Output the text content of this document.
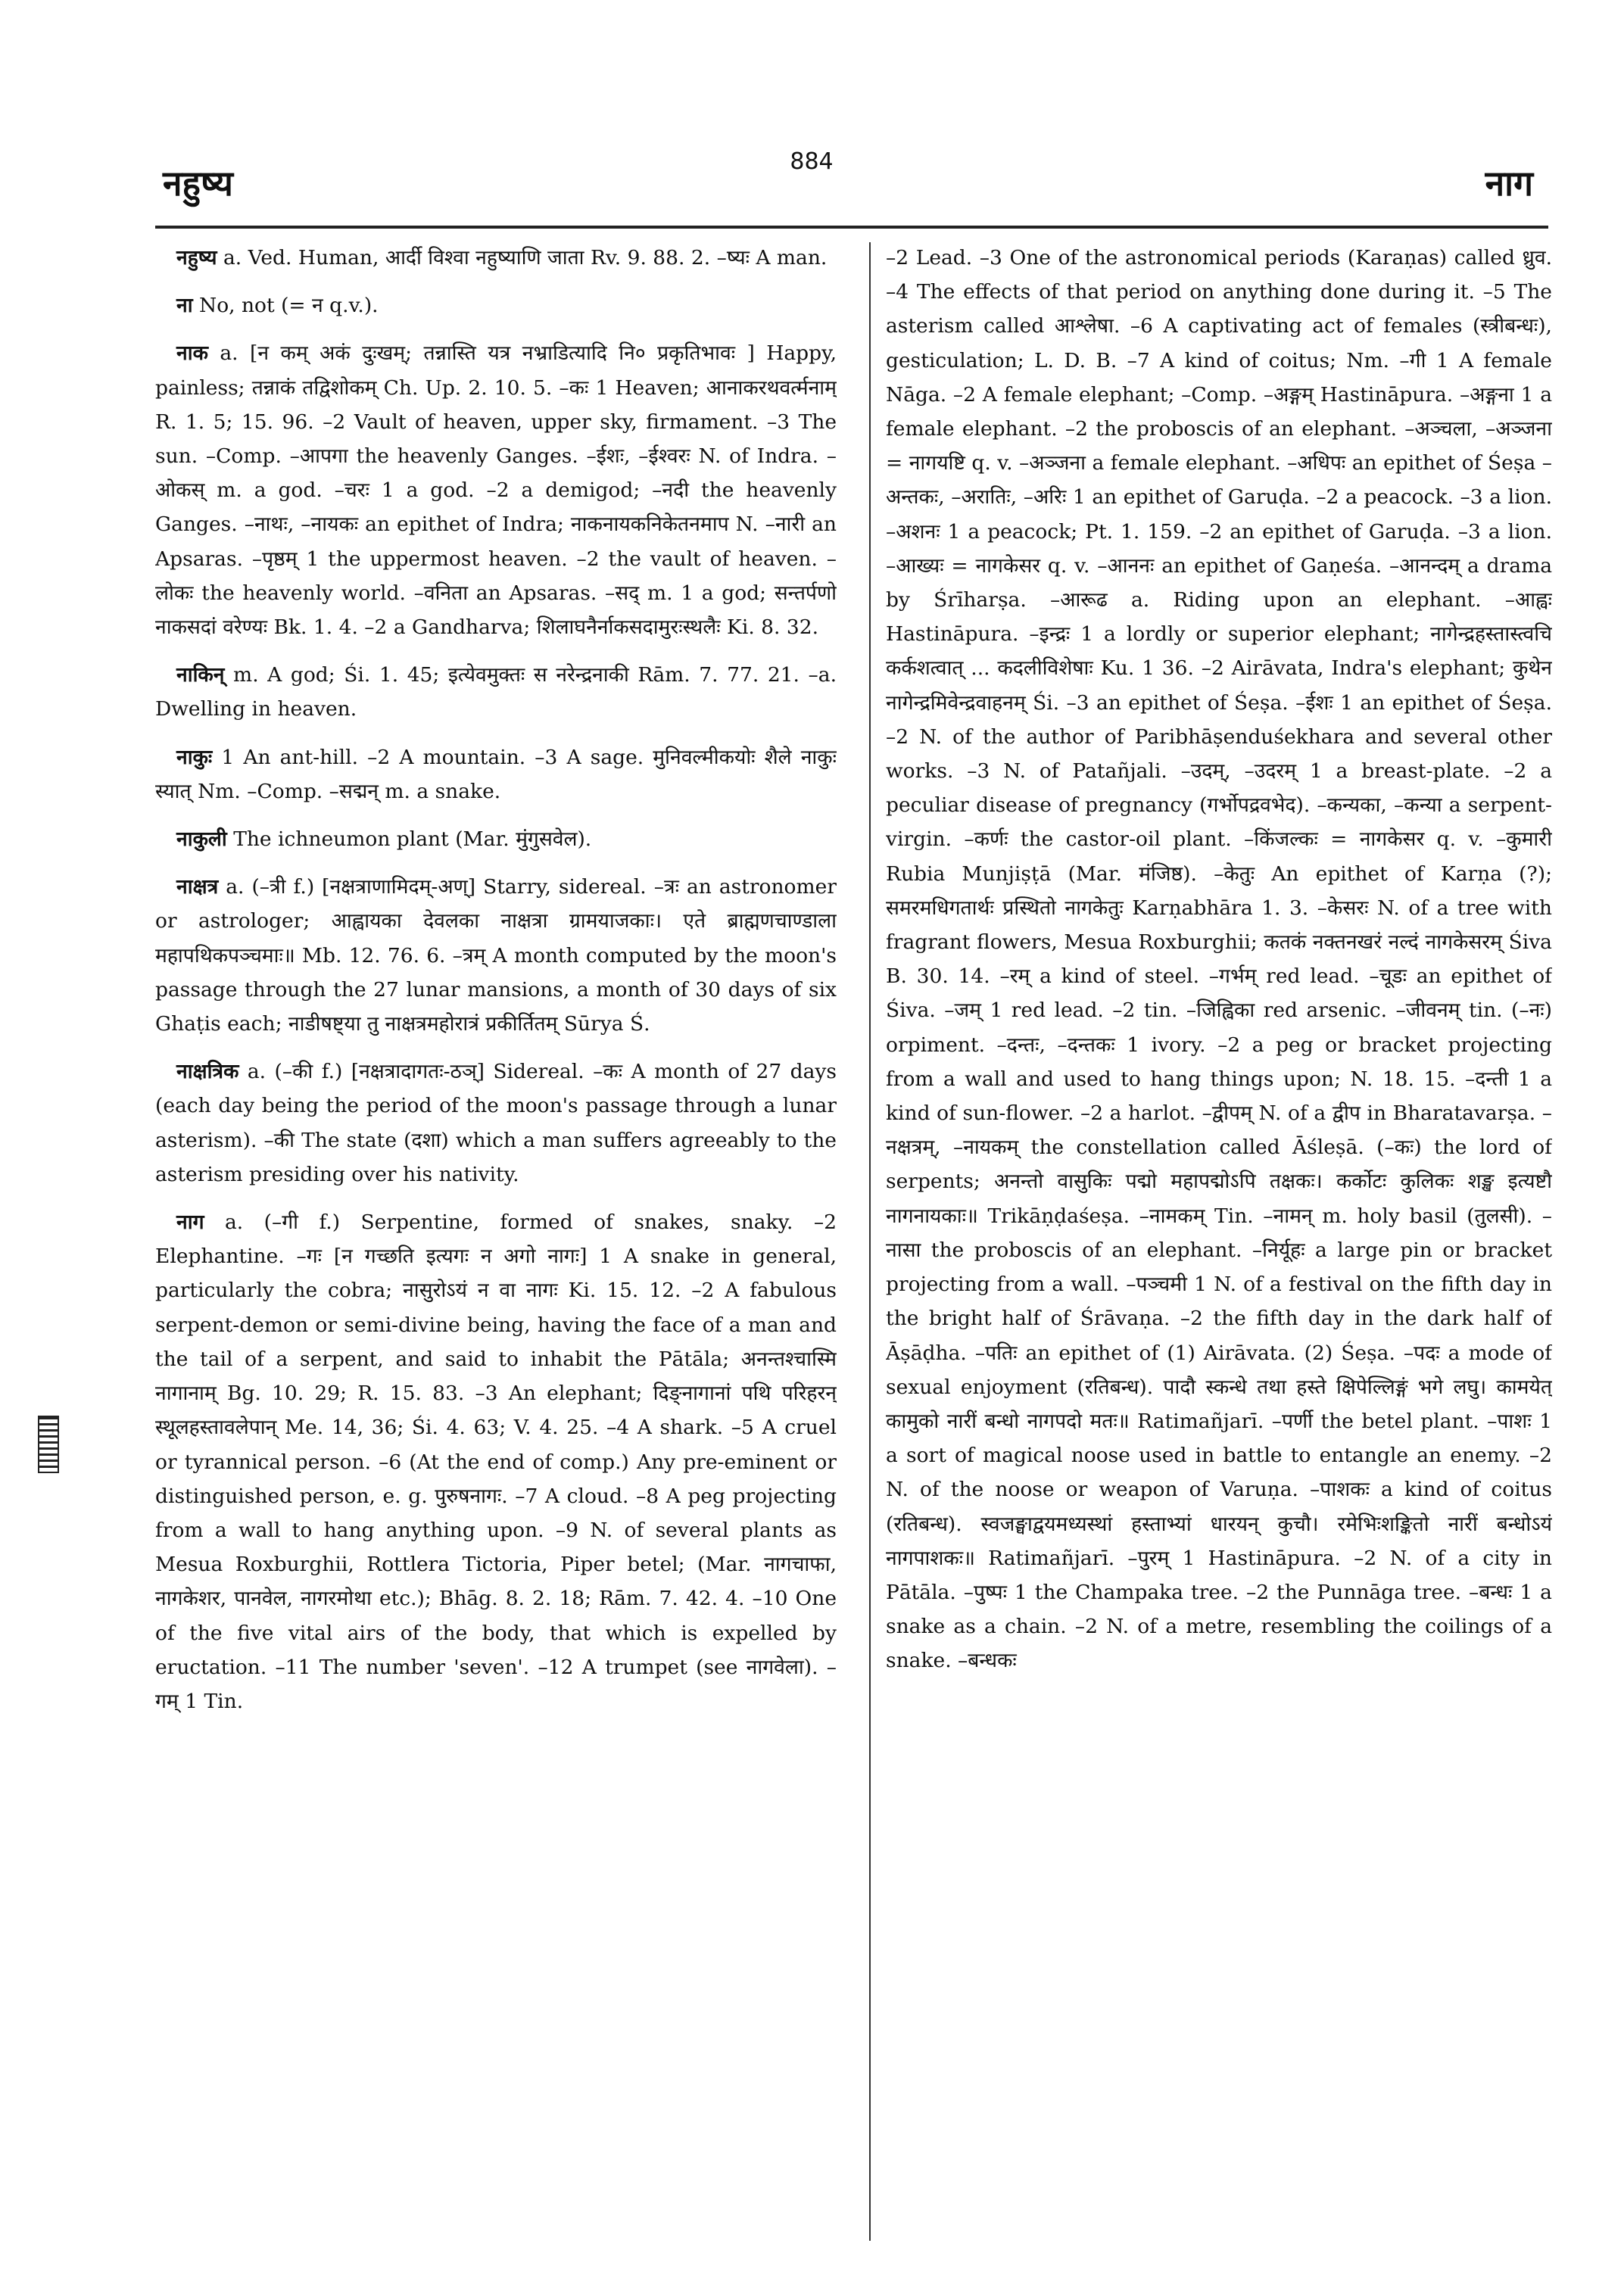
नहुष्य
884
नाग

नहुष्य a. Ved. Human, आर्दी विश्वा नहुष्याणि जाता Rv. 9. 88. 2. –ष्यः A man.

ना No, not (= न q.v.).

नाक a. [न कम् अकं दुःखम्; तन्नास्ति यत्र नभ्राडित्यादि नि० प्रकृतिभावः ] Happy, painless; तन्नाकं तद्विशोकम् Ch. Up. 2. 10. 5. –कः 1 Heaven; आनाकरथवर्त्मनाम् R. 1. 5; 15. 96. –2 Vault of heaven, upper sky, firmament. –3 The sun. –Comp. –आपगा the heavenly Ganges. –ईशः, –ईश्वरः N. of Indra. –ओकस् m. a god. –चरः 1 a god. –2 a demigod; –नदी the heavenly Ganges. –नाथः, –नायकः an epithet of Indra; नाकनायकनिकेतनमाप N. –नारी an Apsaras. –पृष्ठम् 1 the uppermost heaven. –2 the vault of heaven. –लोकः the heavenly world. –वनिता an Apsaras. –सद् m. 1 a god; सन्तर्पणो नाकसदां वरेण्यः Bk. 1. 4. –2 a Gandharva; शिलाघनैर्नाकसदामुरःस्थलैः Ki. 8. 32.

नाकिन् m. A god; Śi. 1. 45; इत्येवमुक्तः स नरेन्द्रनाकी Rām. 7. 77. 21. –a. Dwelling in heaven.

नाकुः 1 An ant-hill. –2 A mountain. –3 A sage. मुनिवल्मीकयोः शैले नाकुः स्यात् Nm. –Comp. –सद्मन् m. a snake.

नाकुली The ichneumon plant (Mar. मुंगुसवेल).

नाक्षत्र a. (–त्री f.) [नक्षत्राणामिदम्-अण्] Starry, sidereal. –त्रः an astronomer or astrologer; आह्वायका देवलका नाक्षत्रा ग्रामयाजकाः। एते ब्राह्मणचाण्डाला महापथिकपञ्चमाः॥ Mb. 12. 76. 6. –त्रम् A month computed by the moon's passage through the 27 lunar mansions, a month of 30 days of six Ghaṭis each; नाडीषष्ट्या तु नाक्षत्रमहोरात्रं प्रकीर्तितम् Sūrya Ś.

नाक्षत्रिक a. (–की f.) [नक्षत्रादागतः-ठञ्] Sidereal. –कः A month of 27 days (each day being the period of the moon's passage through a lunar asterism). –की The state (दशा) which a man suffers agreeably to the asterism presiding over his nativity.

नाग a. (–गी f.) Serpentine, formed of snakes, snaky. –2 Elephantine. –गः [न गच्छति इत्यगः न अगो नागः] 1 A snake in general, particularly the cobra; नासुरोऽयं न वा नागः Ki. 15. 12. –2 A fabulous serpent-demon or semi-divine being, having the face of a man and the tail of a serpent, and said to inhabit the Pātāla; अनन्तश्चास्मि नागानाम् Bg. 10. 29; R. 15. 83. –3 An elephant; दिङ्नागानां पथि परिहरन् स्थूलहस्तावलेपान् Me. 14, 36; Śi. 4. 63; V. 4. 25. –4 A shark. –5 A cruel or tyrannical person. –6 (At the end of comp.) Any pre-eminent or distinguished person, e. g. पुरुषनागः. –7 A cloud. –8 A peg projecting from a wall to hang anything upon. –9 N. of several plants as Mesua Roxburghii, Rottlera Tictoria, Piper betel; (Mar. नागचाफा, नागकेशर, पानवेल, नागरमोथा etc.); Bhāg. 8. 2. 18; Rām. 7. 42. 4. –10 One of the five vital airs of the body, that which is expelled by eructation. –11 The number 'seven'. –12 A trumpet (see नागवेला). –गम् 1 Tin.

–2 Lead. –3 One of the astronomical periods (Karaṇas) called ध्रुव. –4 The effects of that period on anything done during it. –5 The asterism called आश्लेषा. –6 A captivating act of females (स्त्रीबन्धः), gesticulation; L. D. B. –7 A kind of coitus; Nm. –गी 1 A female Nāga. –2 A female elephant; –Comp. –अङ्गम् Hastināpura. –अङ्गना 1 a female elephant. –2 the proboscis of an elephant. –अञ्चला, –अञ्जना = नागयष्टि q. v. –अञ्जना a female elephant. –अधिपः an epithet of Śeṣa –अन्तकः, –अरातिः, –अरिः 1 an epithet of Garuḍa. –2 a peacock. –3 a lion. –अशनः 1 a peacock; Pt. 1. 159. –2 an epithet of Garuḍa. –3 a lion. –आख्यः = नागकेसर q. v. –आननः an epithet of Gaṇeśa. –आनन्दम् a drama by Śrīharṣa. –आरूढ a. Riding upon an elephant. –आह्वः Hastināpura. –इन्द्रः 1 a lordly or superior elephant; नागेन्द्रहस्तास्त्वचि कर्कशत्वात् ... कदलीविशेषाः Ku. 1 36. –2 Airāvata, Indra's elephant; कुथेन नागेन्द्रमिवेन्द्रवाहनम् Śi. –3 an epithet of Śeṣa. –ईशः 1 an epithet of Śeṣa. –2 N. of the author of Paribhāṣenduśekhara and several other works. –3 N. of Patañjali. –उदम्, –उदरम् 1 a breast-plate. –2 a peculiar disease of pregnancy (गर्भोपद्रवभेद). –कन्यका, –कन्या a serpent-virgin. –कर्णः the castor-oil plant. –किंजल्कः = नागकेसर q. v. –कुमारी Rubia Munjiṣṭā (Mar. मंजिष्ठ). –केतुः An epithet of Karṇa (?); समरमधिगतार्थः प्रस्थितो नागकेतुः Karṇabhāra 1. 3. –केसरः N. of a tree with fragrant flowers, Mesua Roxburghii; कतकं नक्तनखरं नल्दं नागकेसरम् Śiva B. 30. 14. –रम् a kind of steel. –गर्भम् red lead. –चूडः an epithet of Śiva. –जम् 1 red lead. –2 tin. –जिह्विका red arsenic. –जीवनम् tin. (–नः) orpiment. –दन्तः, –दन्तकः 1 ivory. –2 a peg or bracket projecting from a wall and used to hang things upon; N. 18. 15. –दन्ती 1 a kind of sun-flower. –2 a harlot. –द्वीपम् N. of a द्वीप in Bharatavarṣa. –नक्षत्रम्, –नायकम् the constellation called Āśleṣā. (–कः) the lord of serpents; अनन्तो वासुकिः पद्मो महापद्मोऽपि तक्षकः। कर्कोटः कुलिकः शङ्ख इत्यष्टौ नागनायकाः॥ Trikāṇḍaśeṣa. –नामकम् Tin. –नामन् m. holy basil (तुलसी). –नासा the proboscis of an elephant. –निर्यूहः a large pin or bracket projecting from a wall. –पञ्चमी 1 N. of a festival on the fifth day in the bright half of Śrāvaṇa. –2 the fifth day in the dark half of Āṣāḍha. –पतिः an epithet of (1) Airāvata. (2) Śeṣa. –पदः a mode of sexual enjoyment (रतिबन्ध). पादौ स्कन्धे तथा हस्ते क्षिपेल्लिङ्गं भगे लघु। कामयेत् कामुको नारीं बन्धो नागपदो मतः॥ Ratimañjarī. –पर्णी the betel plant. –पाशः 1 a sort of magical noose used in battle to entangle an enemy. –2 N. of the noose or weapon of Varuṇa. –पाशकः a kind of coitus (रतिबन्ध). स्वजङ्घाद्वयमध्यस्थां हस्ताभ्यां धारयन् कुचौ। रमेभिःशङ्कितो नारीं बन्धोऽयं नागपाशकः॥ Ratimañjarī. –पुरम् 1 Hastināpura. –2 N. of a city in Pātāla. –पुष्पः 1 the Champaka tree. –2 the Punnāga tree. –बन्धः 1 a snake as a chain. –2 N. of a metre, resembling the coilings of a snake. –बन्धकः
